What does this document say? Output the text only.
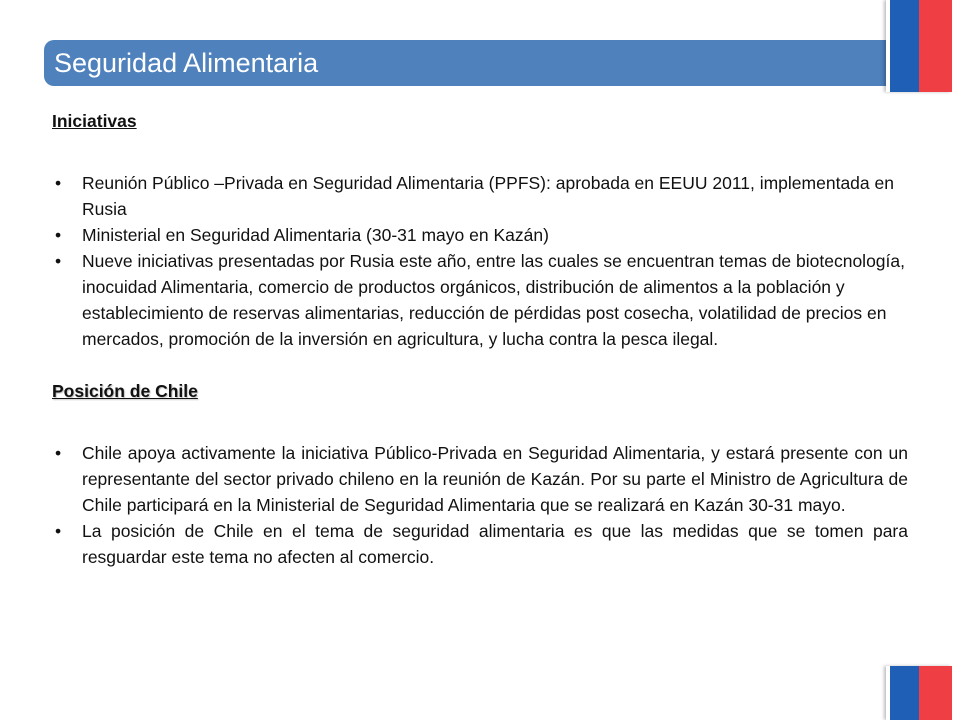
Seguridad Alimentaria

Iniciativas

• Reunión Público –Privada en Seguridad Alimentaria (PPFS): aprobada en EEUU 2011, implementada en Rusia
• Ministerial en Seguridad Alimentaria (30-31 mayo en Kazán)
• Nueve iniciativas presentadas por Rusia este año, entre las cuales se encuentran temas de biotecnología, inocuidad Alimentaria, comercio de productos orgánicos, distribución de alimentos a la población y establecimiento de reservas alimentarias, reducción de pérdidas post cosecha, volatilidad de precios en mercados, promoción de la inversión en agricultura, y lucha contra la pesca ilegal.

Posición de Chile

• Chile apoya activamente la iniciativa Público-Privada en Seguridad Alimentaria, y estará presente con un representante del sector privado chileno en la reunión de Kazán. Por su parte el Ministro de Agricultura de Chile participará en la Ministerial de Seguridad Alimentaria que se realizará en Kazán 30-31 mayo.
• La posición de Chile en el tema de seguridad alimentaria es que las medidas que se tomen para resguardar este tema no afecten al comercio.
